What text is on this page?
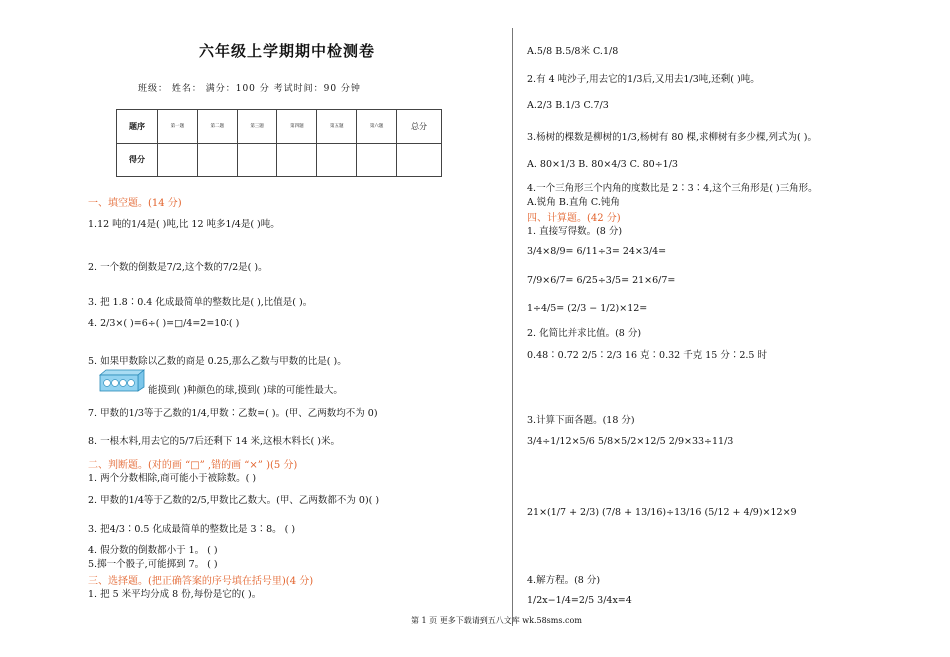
六年级上学期期中检测卷
班级： 姓名： 满分：100 分 考试时间：90 分钟
题序	第一题	第二题	第三题	第四题	第五题	第六题	总分
得分							
一、填空题。(14 分)
1.12 吨的1/4是( )吨,比 12 吨多1/4是( )吨。
2. 一个数的倒数是7/2,这个数的7/2是( )。
3. 把 1.8∶0.4 化成最简单的整数比是( ),比值是( )。
4. 2/3×( )=6÷( )=□/4=2=10∶( )
5. 如果甲数除以乙数的商是 0.25,那么乙数与甲数的比是( )。
能摸到( )种颜色的球,摸到( )球的可能性最大。
7. 甲数的1/3等于乙数的1/4,甲数∶乙数=( )。(甲、乙两数均不为 0)
8. 一根木料,用去它的5/7后还剩下 14 米,这根木料长( )米。
二、判断题。(对的画 “□” ,错的画 “×” )(5 分)
1. 两个分数相除,商可能小于被除数。( )
2. 甲数的1/4等于乙数的2/5,甲数比乙数大。(甲、乙两数都不为 0)( )
3. 把4/3∶0.5 化成最简单的整数比是 3∶8。 ( )
4. 假分数的倒数都小于 1。 ( )
5.掷一个骰子,可能掷到 7。 ( )
三、选择题。(把正确答案的序号填在括号里)(4 分)
1. 把 5 米平均分成 8 份,每份是它的( )。
A.5/8 B.5/8米 C.1/8
2.有 4 吨沙子,用去它的1/3后,又用去1/3吨,还剩( )吨。
A.2/3 B.1/3 C.7/3
3.杨树的棵数是柳树的1/3,杨树有 80 棵,求柳树有多少棵,列式为( )。
A. 80×1/3 B. 80×4/3 C. 80÷1/3
4.一个三角形三个内角的度数比是 2∶3∶4,这个三角形是( )三角形。
A.锐角 B.直角 C.钝角
四、计算题。(42 分)
1. 直接写得数。(8 分)
3/4×8/9= 6/11÷3= 24×3/4=
7/9×6/7= 6/25÷3/5= 21×6/7=
1÷4/5= (2/3 − 1/2)×12=
2. 化简比并求比值。(8 分)
0.48∶0.72 2/5∶2/3 16 克∶0.32 千克 15 分∶2.5 时
3.计算下面各题。(18 分)
3/4÷1/12×5/6 5/8×5/2×12/5 2/9×33÷11/3
21×(1/7 + 2/3) (7/8 + 13/16)÷13/16 (5/12 + 4/9)×12×9
4.解方程。(8 分)
1/2x−1/4=2/5 3/4x=4
第 1 页 更多下载请到五八文库 wk.58sms.com
